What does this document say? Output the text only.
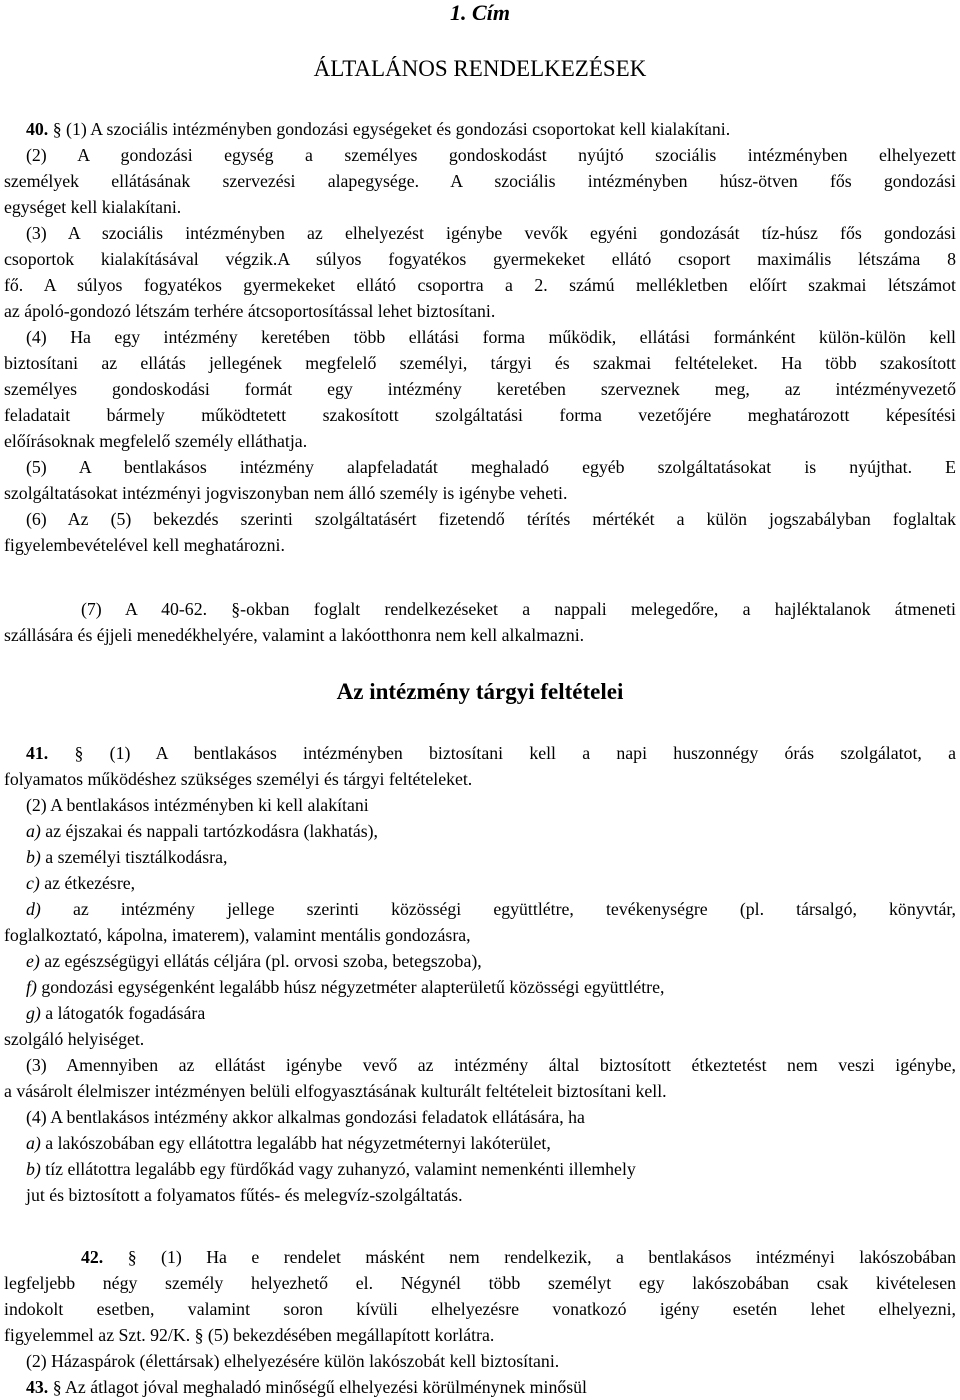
1. Cím
ÁLTALÁNOS RENDELKEZÉSEK
Az intézmény tárgyi feltételei
40. § (1) A szociális intézményben gondozási egységeket és gondozási csoportokat kell kialakítani.
(2) A gondozási egység a személyes gondoskodást nyújtó szociális intézményben elhelyezett
személyek ellátásának szervezési alapegysége. A szociális intézményben húsz-ötven fős gondozási
egységet kell kialakítani.
(3) A szociális intézményben az elhelyezést igénybe vevők egyéni gondozását tíz-húsz fős gondozási
csoportok kialakításával végzik.A súlyos fogyatékos gyermekeket ellátó csoport maximális létszáma 8
fő. A súlyos fogyatékos gyermekeket ellátó csoportra a 2. számú mellékletben előírt szakmai létszámot
az ápoló-gondozó létszám terhére átcsoportosítással lehet biztosítani.
(4) Ha egy intézmény keretében több ellátási forma működik, ellátási formánként külön-külön kell
biztosítani az ellátás jellegének megfelelő személyi, tárgyi és szakmai feltételeket. Ha több szakosított
személyes gondoskodási formát egy intézmény keretében szerveznek meg, az intézményvezető
feladatait bármely működtetett szakosított szolgáltatási forma vezetőjére meghatározott képesítési
előírásoknak megfelelő személy elláthatja.
(5) A bentlakásos intézmény alapfeladatát meghaladó egyéb szolgáltatásokat is nyújthat. E
szolgáltatásokat intézményi jogviszonyban nem álló személy is igénybe veheti.
(6) Az (5) bekezdés szerinti szolgáltatásért fizetendő térítés mértékét a külön jogszabályban foglaltak
figyelembevételével kell meghatározni.
(7) A 40-62. §-okban foglalt rendelkezéseket a nappali melegedőre, a hajléktalanok átmeneti
szállására és éjjeli menedékhelyére, valamint a lakóotthonra nem kell alkalmazni.
41. § (1) A bentlakásos intézményben biztosítani kell a napi huszonnégy órás szolgálatot, a
folyamatos működéshez szükséges személyi és tárgyi feltételeket.
(2) A bentlakásos intézményben ki kell alakítani
a) az éjszakai és nappali tartózkodásra (lakhatás),
b) a személyi tisztálkodásra,
c) az étkezésre,
d) az intézmény jellege szerinti közösségi együttlétre, tevékenységre (pl. társalgó, könyvtár,
foglalkoztató, kápolna, imaterem), valamint mentális gondozásra,
e) az egészségügyi ellátás céljára (pl. orvosi szoba, betegszoba),
f) gondozási egységenként legalább húsz négyzetméter alapterületű közösségi együttlétre,
g) a látogatók fogadására
szolgáló helyiséget.
(3) Amennyiben az ellátást igénybe vevő az intézmény által biztosított étkeztetést nem veszi igénybe,
a vásárolt élelmiszer intézményen belüli elfogyasztásának kulturált feltételeit biztosítani kell.
(4) A bentlakásos intézmény akkor alkalmas gondozási feladatok ellátására, ha
a) a lakószobában egy ellátottra legalább hat négyzetméternyi lakóterület,
b) tíz ellátottra legalább egy fürdőkád vagy zuhanyzó, valamint nemenkénti illemhely
jut és biztosított a folyamatos fűtés- és melegvíz-szolgáltatás.
42. § (1) Ha e rendelet másként nem rendelkezik, a bentlakásos intézményi lakószobában
legfeljebb négy személy helyezhető el. Négynél több személyt egy lakószobában csak kivételesen
indokolt esetben, valamint soron kívüli elhelyezésre vonatkozó igény esetén lehet elhelyezni,
figyelemmel az Szt. 92/K. § (5) bekezdésében megállapított korlátra.
(2) Házaspárok (élettársak) elhelyezésére külön lakószobát kell biztosítani.
43. § Az átlagot jóval meghaladó minőségű elhelyezési körülménynek minősül
